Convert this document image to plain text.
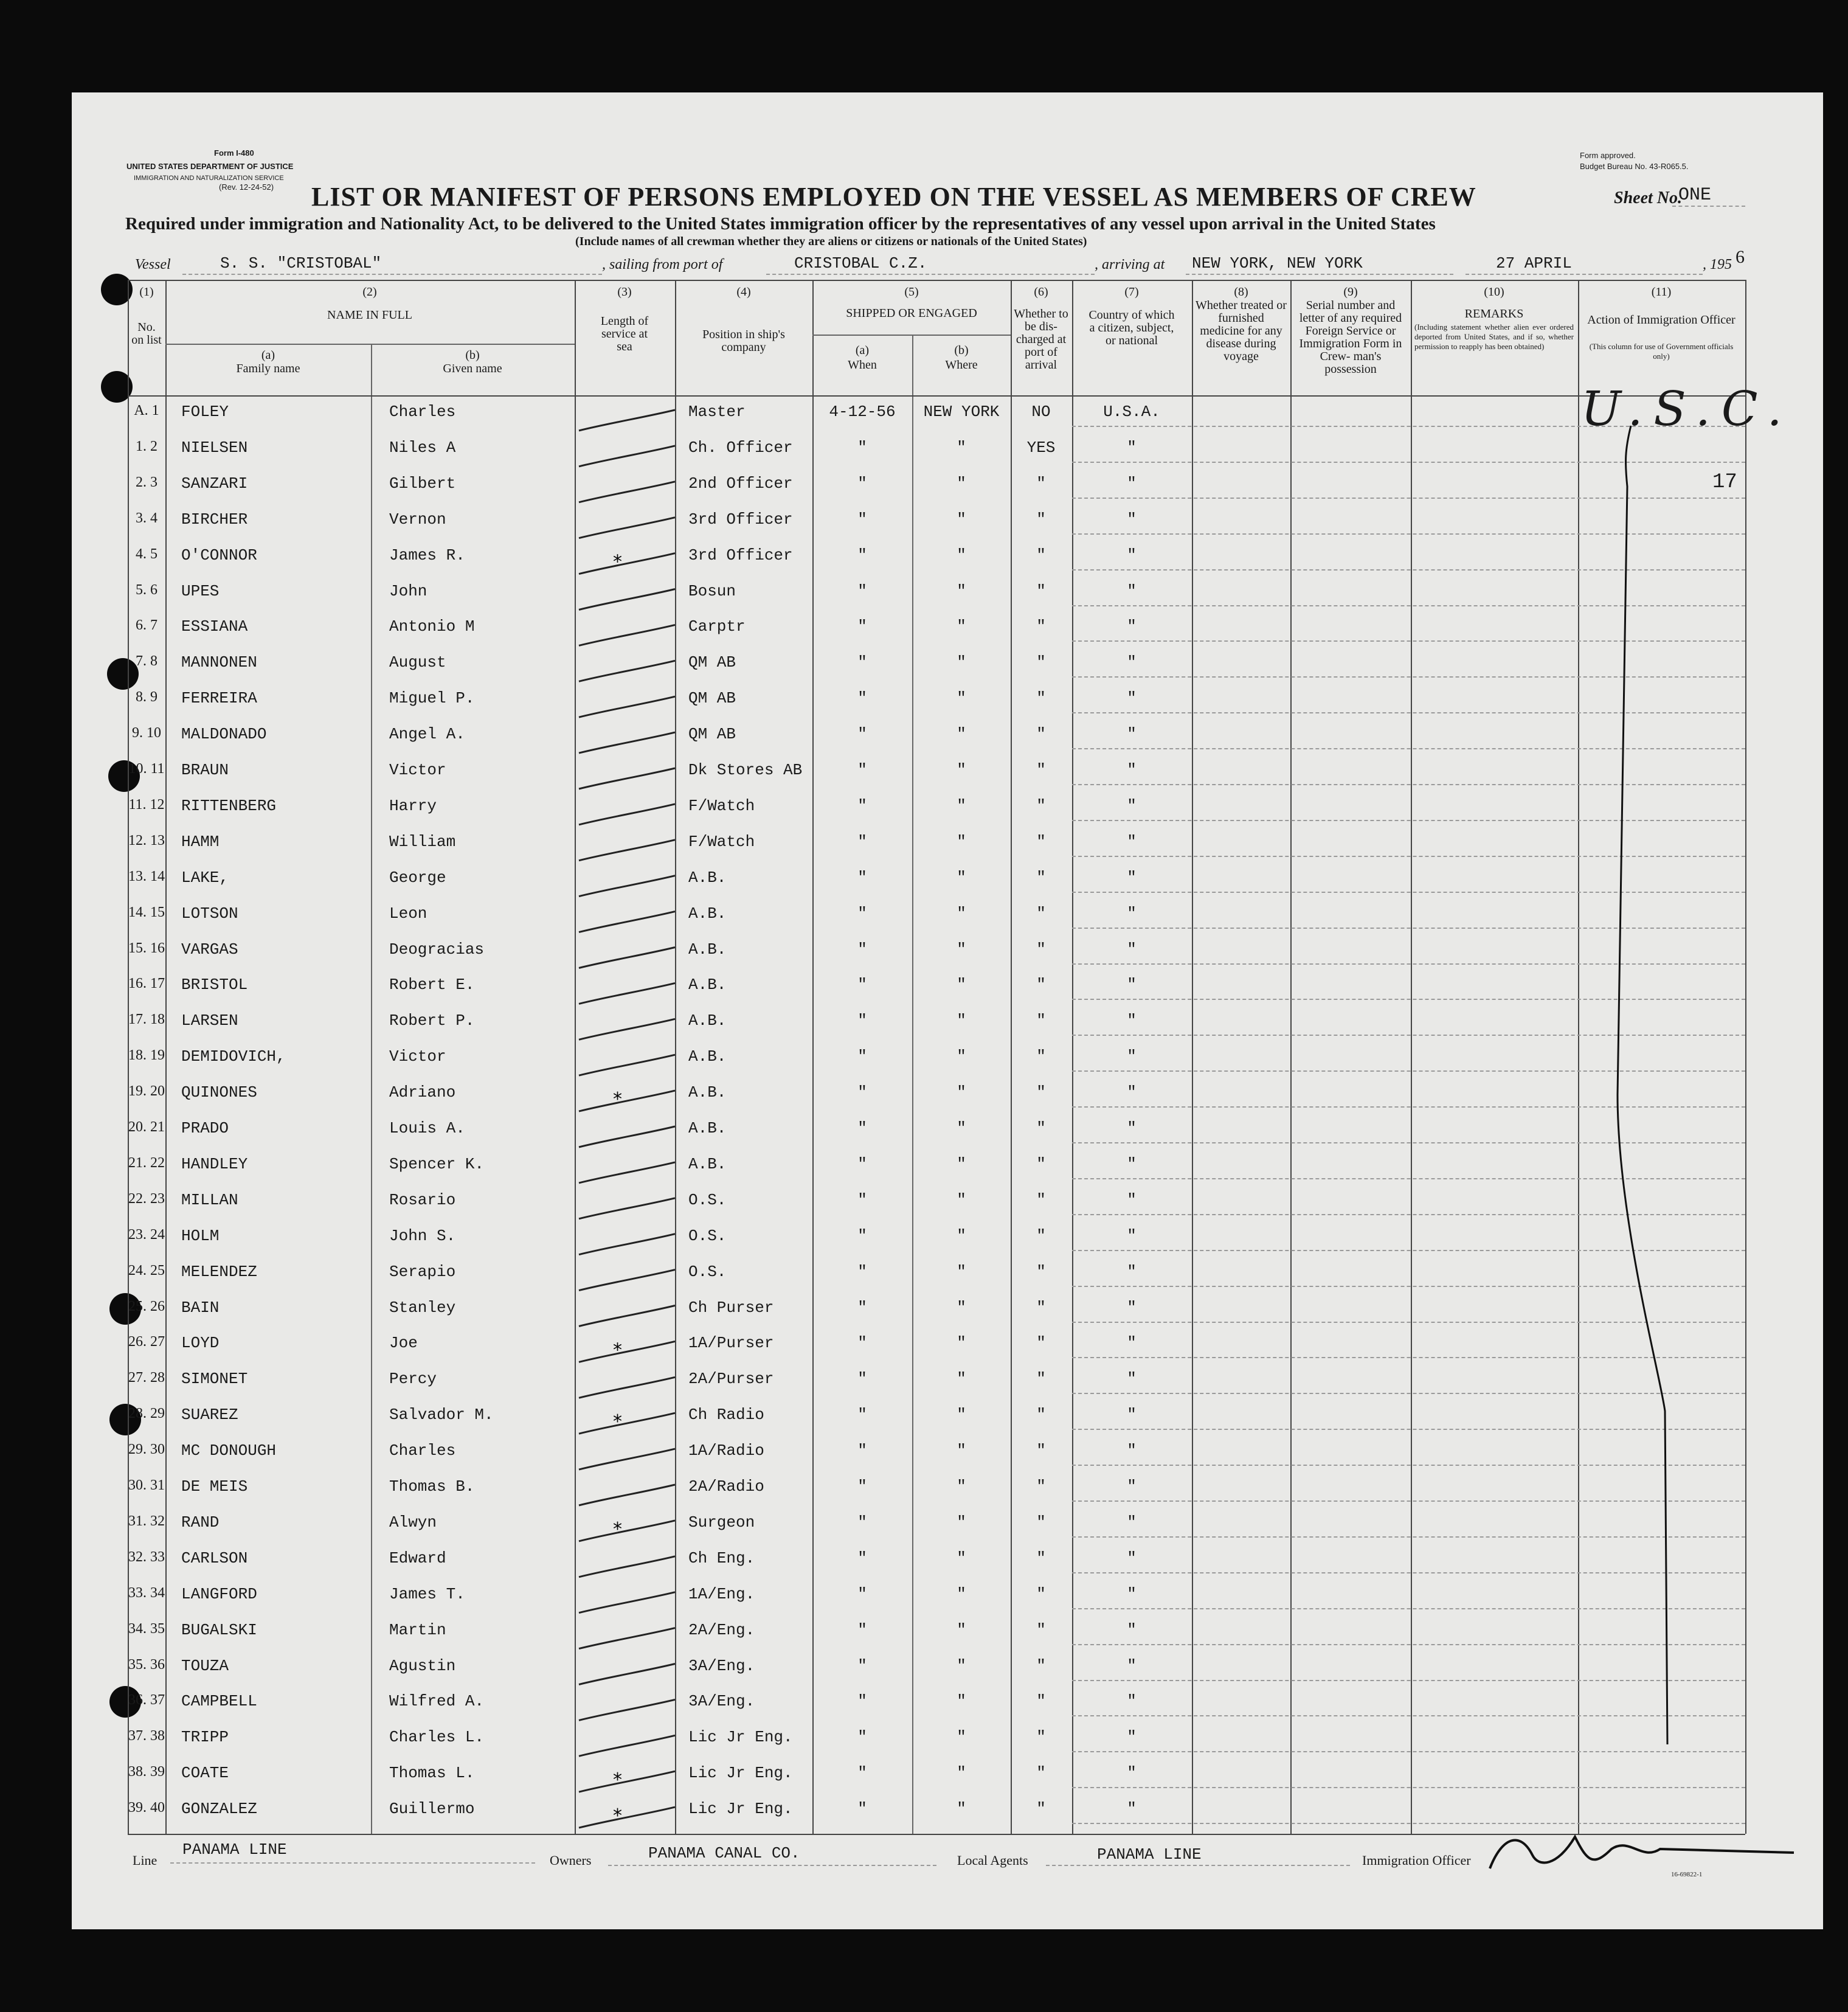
Form I-480
UNITED STATES DEPARTMENT OF JUSTICE
IMMIGRATION AND NATURALIZATION SERVICE
(Rev. 12-24-52)
Form approved.
Budget Bureau No. 43-R065.5.
LIST OR MANIFEST OF PERSONS EMPLOYED ON THE VESSEL AS MEMBERS OF CREW	Sheet No.
ONE
Required under immigration and Nationality Act, to be delivered to the United States immigration officer by the representatives of any vessel upon arrival in the United States
(Include names of all crewman whether they are aliens or citizens or nationals of the United States)
Vessel	S. S. "CRISTOBAL"	, sailing from port of	CRISTOBAL C.Z.	, arriving at NEW YORK, NEW YORK	27 APRIL	, 195 6
(1)
No. on list
(2)
NAME IN FULL
(a)
Family name
(b)
Given name
(3)
Length of service at sea
(4)
Position in ship's company
(5)
SHIPPED OR ENGAGED
(a)
When
(b)
Where
(6)
Whether to be dis- charged at port of arrival
(7)
Country of which a citizen, subject, or national
(8)
Whether treated or furnished medicine for any disease during voyage
(9)
Serial number and letter of any required Foreign Service or Immigration Form in Crew- man's possession
(10)
REMARKS
(Including statement whether alien ever ordered deported from United States, and if so, whether permission to reapply has been obtained)
(11)
Action of Immigration Officer
(This column for use of Government officials only)
A. 1 FOLEY	Charles	Master	4-12-56 NEW YORK NO	U.S.A.
1. 2 NIELSEN	Niles A	Ch. Officer	"	"	YES	"
2. 3 SANZARI	Gilbert	2nd Officer	"	"	"	"
3. 4 BIRCHER	Vernon	3rd Officer	"	"	"	"
4. 5 O'CONNOR	James R.	3rd Officer	"	"	"	"
5. 6 UPES	John	Bosun	"	"	"	"
6. 7 ESSIANA	Antonio M	Carptr	"	"	"	"
7. 8 MANNONEN	August	QM AB	"	"	"	"
8. 9 FERREIRA	Miguel P.	QM AB	"	"	"	"
9. 10 MALDONADO	Angel A.	QM AB	"	"	"	"
10. 11 BRAUN	Victor	Dk Stores AB	"	"	"	"
11. 12 RITTENBERG	Harry	F/Watch	"	"	"	"
12. 13 HAMM	William	F/Watch	"	"	"	"
13. 14 LAKE,	George	A.B.	"	"	"	"
14. 15 LOTSON	Leon	A.B.	"	"	"	"
15. 16 VARGAS	Deogracias	A.B.	"	"	"	"
16. 17 BRISTOL	Robert E.	A.B.	"	"	"	"
17. 18 LARSEN	Robert P.	A.B.	"	"	"	"
18. 19 DEMIDOVICH,	Victor	A.B.	"	"	"	"
19. 20 QUINONES	Adriano	A.B.	"	"	"	"
20. 21 PRADO	Louis A.	A.B.	"	"	"	"
21. 22 HANDLEY	Spencer K.	A.B.	"	"	"	"
22. 23 MILLAN	Rosario	O.S.	"	"	"	"
23. 24 HOLM	John S.	O.S.	"	"	"	"
24. 25 MELENDEZ	Serapio	O.S.	"	"	"	"
25. 26 BAIN	Stanley	Ch Purser	"	"	"	"
26. 27 LOYD	Joe	1A/Purser	"	"	"	"
27. 28 SIMONET	Percy	2A/Purser	"	"	"	"
28. 29 SUAREZ	Salvador M.	Ch Radio	"	"	"	"
29. 30 MC DONOUGH	Charles	1A/Radio	"	"	"	"
30. 31 DE MEIS	Thomas B.	2A/Radio	"	"	"	"
31. 32 RAND	Alwyn	Surgeon	"	"	"	"
32. 33 CARLSON	Edward	Ch Eng.	"	"	"	"
33. 34 LANGFORD	James T.	1A/Eng.	"	"	"	"
34. 35 BUGALSKI	Martin	2A/Eng.	"	"	"	"
35. 36 TOUZA	Agustin	3A/Eng.	"	"	"	"
36. 37 CAMPBELL	Wilfred A.	3A/Eng.	"	"	"	"
37. 38 TRIPP	Charles L.	Lic Jr Eng.	"	"	"	"
38. 39 COATE	Thomas L.	Lic Jr Eng.	"	"	"	"
39. 40 GONZALEZ	Guillermo	Lic Jr Eng.	"	"	"	"
*
*
*
*
*
*
*
U.S.C.
17
Line
PANAMA LINE
Owners	PANAMA CANAL CO.	Local Agents	PANAMA LINE	Immigration Officer
16-69822-1
